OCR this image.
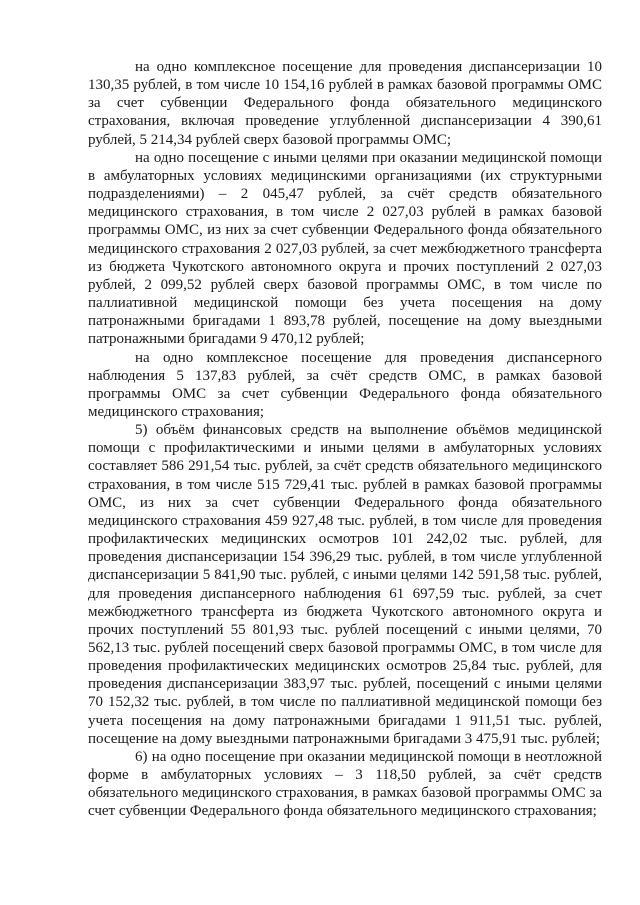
на одно комплексное посещение для проведения диспансеризации 10 130,35 рублей, в том числе 10 154,16 рублей в рамках базовой программы ОМС за счет субвенции Федерального фонда обязательного медицинского страхования, включая проведение углубленной диспансеризации 4 390,61 рублей, 5 214,34 рублей сверх базовой программы ОМС;

на одно посещение с иными целями при оказании медицинской помощи в амбулаторных условиях медицинскими организациями (их структурными подразделениями) – 2 045,47 рублей, за счёт средств обязательного медицинского страхования, в том числе 2 027,03 рублей в рамках базовой программы ОМС, из них за счет субвенции Федерального фонда обязательного медицинского страхования 2 027,03 рублей, за счет межбюджетного трансферта из бюджета Чукотского автономного округа и прочих поступлений 2 027,03 рублей, 2 099,52 рублей сверх базовой программы ОМС, в том числе по паллиативной медицинской помощи без учета посещения на дому патронажными бригадами 1 893,78 рублей, посещение на дому выездными патронажными бригадами 9 470,12 рублей;

на одно комплексное посещение для проведения диспансерного наблюдения 5 137,83 рублей, за счёт средств ОМС, в рамках базовой программы ОМС за счет субвенции Федерального фонда обязательного медицинского страхования;

5) объём финансовых средств на выполнение объёмов медицинской помощи с профилактическими и иными целями в амбулаторных условиях составляет 586 291,54 тыс. рублей, за счёт средств обязательного медицинского страхования, в том числе 515 729,41 тыс. рублей в рамках базовой программы ОМС, из них за счет субвенции Федерального фонда обязательного медицинского страхования 459 927,48 тыс. рублей, в том числе для проведения профилактических медицинских осмотров 101 242,02 тыс. рублей, для проведения диспансеризации 154 396,29 тыс. рублей, в том числе углубленной диспансеризации 5 841,90 тыс. рублей, с иными целями 142 591,58 тыс. рублей, для проведения диспансерного наблюдения 61 697,59 тыс. рублей, за счет межбюджетного трансферта из бюджета Чукотского автономного округа и прочих поступлений 55 801,93 тыс. рублей посещений с иными целями, 70 562,13 тыс. рублей посещений сверх базовой программы ОМС, в том числе для проведения профилактических медицинских осмотров 25,84 тыс. рублей, для проведения диспансеризации 383,97 тыс. рублей, посещений с иными целями 70 152,32 тыс. рублей, в том числе по паллиативной медицинской помощи без учета посещения на дому патронажными бригадами 1 911,51 тыс. рублей, посещение на дому выездными патронажными бригадами 3 475,91 тыс. рублей;

6) на одно посещение при оказании медицинской помощи в неотложной форме в амбулаторных условиях – 3 118,50 рублей, за счёт средств обязательного медицинского страхования, в рамках базовой программы ОМС за счет субвенции Федерального фонда обязательного медицинского страхования;
